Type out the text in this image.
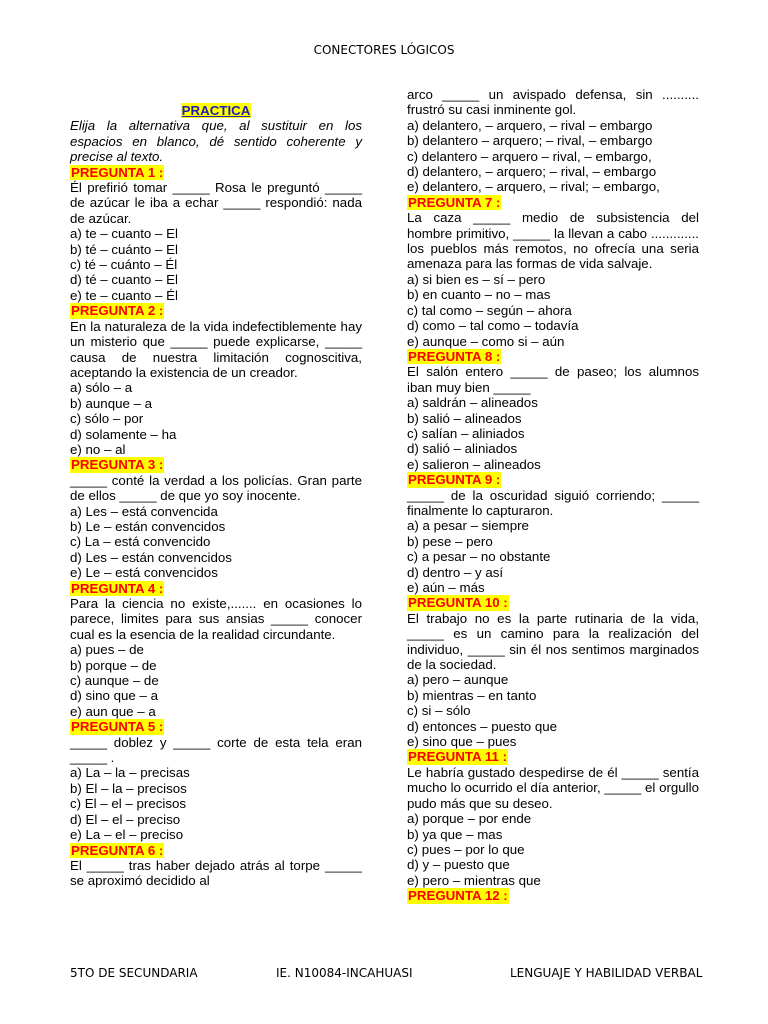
CONECTORES LÓGICOS
PRACTICA

Elija la alternativa que, al sustituir en los espacios en blanco, dé sentido coherente y precise al texto.

PREGUNTA 1 :

Él prefirió tomar _____ Rosa le preguntó _____ de azúcar le iba a echar _____ respondió: nada de azúcar.

a) te – cuanto – El
b) té – cuánto – El
c) té – cuánto – Él
d) té – cuanto – El
e) te – cuanto – Él

PREGUNTA 2 :

En la naturaleza de la vida indefectiblemente hay un misterio que _____ puede explicarse, _____ causa de nuestra limitación cognoscitiva, aceptando la existencia de un creador.

a) sólo – a
b) aunque – a
c) sólo – por
d) solamente – ha
e) no – al

PREGUNTA 3 :

_____ conté la verdad a los policías. Gran parte de ellos _____ de que yo soy inocente.

a) Les – está convencida
b) Le – están convencidos
c) La – está convencido
d) Les – están convencidos
e) Le – está convencidos

PREGUNTA 4 :

Para la ciencia no existe,....... en ocasiones lo parece, limites para sus ansias _____ conocer cual es la esencia de la realidad circundante.

a) pues – de
b) porque – de
c) aunque – de
d) sino que – a
e) aun que – a

PREGUNTA 5 :

_____ doblez y _____ corte de esta tela eran _____ .

a) La – la – precisas
b) El – la – precisos
c) El – el – precisos
d) El – el – preciso
e) La – el – preciso

PREGUNTA 6 :

El _____ tras haber dejado atrás al torpe _____ se aproximó decidido al

arco _____ un avispado defensa, sin .......... frustró su casi inminente gol.

a) delantero, – arquero, – rival – embargo
b) delantero – arquero; – rival, – embargo
c) delantero – arquero – rival, – embargo,
d) delantero, – arquero; – rival, – embargo
e) delantero, – arquero, – rival; – embargo,

PREGUNTA 7 :

La caza _____ medio de subsistencia del hombre primitivo, _____ la llevan a cabo ............. los pueblos más remotos, no ofrecía una seria amenaza para las formas de vida salvaje.

a) si bien es – sí – pero
b) en cuanto – no – mas
c) tal como – según – ahora
d) como – tal como – todavía
e) aunque – como si – aún

PREGUNTA 8 :

El salón entero _____ de paseo; los alumnos iban muy bien _____

a) saldrán – alineados
b) salió – alineados
c) salían – aliniados
d) salió – aliniados
e) salieron – alineados

PREGUNTA 9 :

_____ de la oscuridad siguió corriendo; _____ finalmente lo capturaron.

a) a pesar – siempre
b) pese – pero
c) a pesar – no obstante
d) dentro – y así
e) aún – más

PREGUNTA 10 :

El trabajo no es la parte rutinaria de la vida, _____ es un camino para la realización del individuo, _____ sin él nos sentimos marginados de la sociedad.

a) pero – aunque
b) mientras – en tanto
c) si – sólo
d) entonces – puesto que
e) sino que – pues

PREGUNTA 11 :

Le habría gustado despedirse de él _____ sentía mucho lo ocurrido el día anterior, _____ el orgullo pudo más que su deseo.

a) porque – por ende
b) ya que – mas
c) pues – por lo que
d) y – puesto que
e) pero – mientras que

PREGUNTA 12 :

5TO DE SECUNDARIA	IE. N10084-INCAHUASI	LENGUAJE Y HABILIDAD VERBAL
